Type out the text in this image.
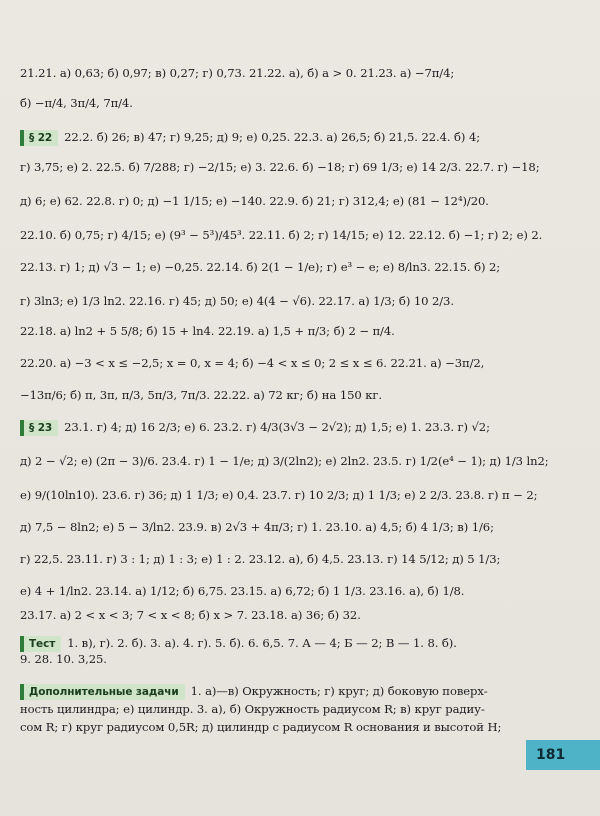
21.21. а) 0,63; б) 0,97; в) 0,27; г) 0,73. 21.22. а), б) a > 0. 21.23. а) −7π/4;
б) −π/4, 3π/4, 7π/4.
§ 22 22.2. б) 26; в) 47; г) 9,25; д) 9; е) 0,25. 22.3. а) 26,5; б) 21,5. 22.4. б) 4;
г) 3,75; е) 2. 22.5. б) 7/288; г) −2/15; е) 3. 22.6. б) −18; г) 69 1/3; е) 14 2/3. 22.7. г) −18;
д) 6; е) 62. 22.8. г) 0; д) −1 1/15; е) −140. 22.9. б) 21; г) 312,4; е) (81 − 12⁴)/20.
22.10. б) 0,75; г) 4/15; е) (9³ − 5³)/45³. 22.11. б) 2; г) 14/15; е) 12. 22.12. б) −1; г) 2; е) 2.
22.13. г) 1; д) √3 − 1; е) −0,25. 22.14. б) 2(1 − 1/e); г) e³ − e; е) 8/ln3. 22.15. б) 2;
г) 3ln3; е) 1/3 ln2. 22.16. г) 45; д) 50; е) 4(4 − √6). 22.17. а) 1/3; б) 10 2/3.
22.18. а) ln2 + 5 5/8; б) 15 + ln4. 22.19. а) 1,5 + π/3; б) 2 − π/4.
22.20. а) −3 < x ≤ −2,5; x = 0, x = 4; б) −4 < x ≤ 0; 2 ≤ x ≤ 6. 22.21. а) −3π/2,
−13π/6; б) π, 3π, π/3, 5π/3, 7π/3. 22.22. а) 72 кг; б) на 150 кг.
§ 23 23.1. г) 4; д) 16 2/3; е) 6. 23.2. г) 4/3(3√3 − 2√2); д) 1,5; е) 1. 23.3. г) √2;
д) 2 − √2; е) (2π − 3)/6. 23.4. г) 1 − 1/e; д) 3/(2ln2); е) 2ln2. 23.5. г) 1/2(e⁴ − 1); д) 1/3 ln2;
е) 9/(10ln10). 23.6. г) 36; д) 1 1/3; е) 0,4. 23.7. г) 10 2/3; д) 1 1/3; е) 2 2/3. 23.8. г) π − 2;
д) 7,5 − 8ln2; е) 5 − 3/ln2. 23.9. в) 2√3 + 4π/3; г) 1. 23.10. а) 4,5; б) 4 1/3; в) 1/6;
г) 22,5. 23.11. г) 3 : 1; д) 1 : 3; е) 1 : 2. 23.12. а), б) 4,5. 23.13. г) 14 5/12; д) 5 1/3;
е) 4 + 1/ln2. 23.14. а) 1/12; б) 6,75. 23.15. а) 6,72; б) 1 1/3. 23.16. а), б) 1/8.
23.17. а) 2 < x < 3; 7 < x < 8; б) x > 7. 23.18. а) 36; б) 32.
Тест 1. в), г). 2. б). 3. а). 4. г). 5. б). 6. 6,5. 7. А — 4; Б — 2; В — 1. 8. б).
9. 28. 10. 3,25.
Дополнительные задачи 1. а)—в) Окружность; г) круг; д) боковую поверх-
ность цилиндра; е) цилиндр. 3. а), б) Окружность радиусом R; в) круг радиу-
сом R; г) круг радиусом 0,5R; д) цилиндр с радиусом R основания и высотой H;
181
